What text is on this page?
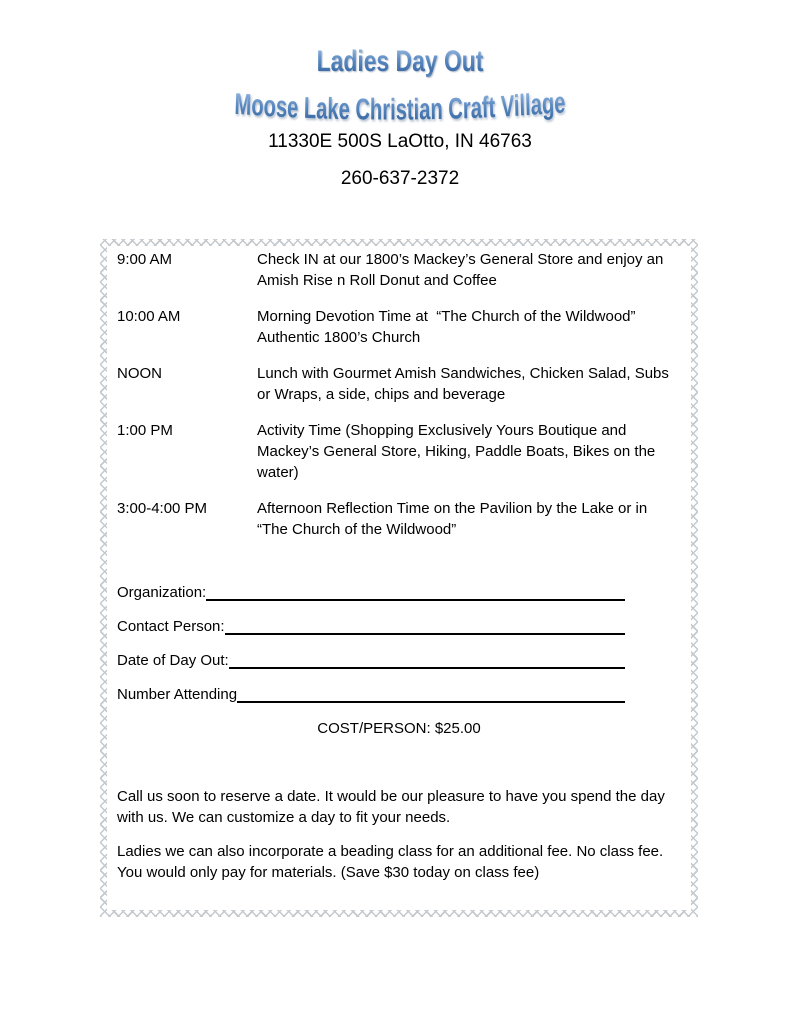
Ladies Day Out
Moose Lake Christian Craft Village
11330E 500S LaOtto, IN 46763
260-637-2372
9:00 AM	Check IN at our 1800’s Mackey’s General Store and enjoy an Amish Rise n Roll Donut and Coffee
10:00 AM	Morning Devotion Time at  “The Church of the Wildwood” Authentic 1800’s Church
NOON	Lunch with Gourmet Amish Sandwiches, Chicken Salad, Subs or Wraps, a side, chips and beverage
1:00 PM	Activity Time (Shopping Exclusively Yours Boutique and Mackey’s General Store, Hiking, Paddle Boats, Bikes on the water)
3:00-4:00 PM	Afternoon Reflection Time on the Pavilion by the Lake or in “The Church of the Wildwood”
Organization:
Contact Person:
Date of Day Out:
Number Attending
COST/PERSON: $25.00

Call us soon to reserve a date. It would be our pleasure to have you spend the day with us. We can customize a day to fit your needs.

Ladies we can also incorporate a beading class for an additional fee. No class fee. You would only pay for materials. (Save $30 today on class fee)
